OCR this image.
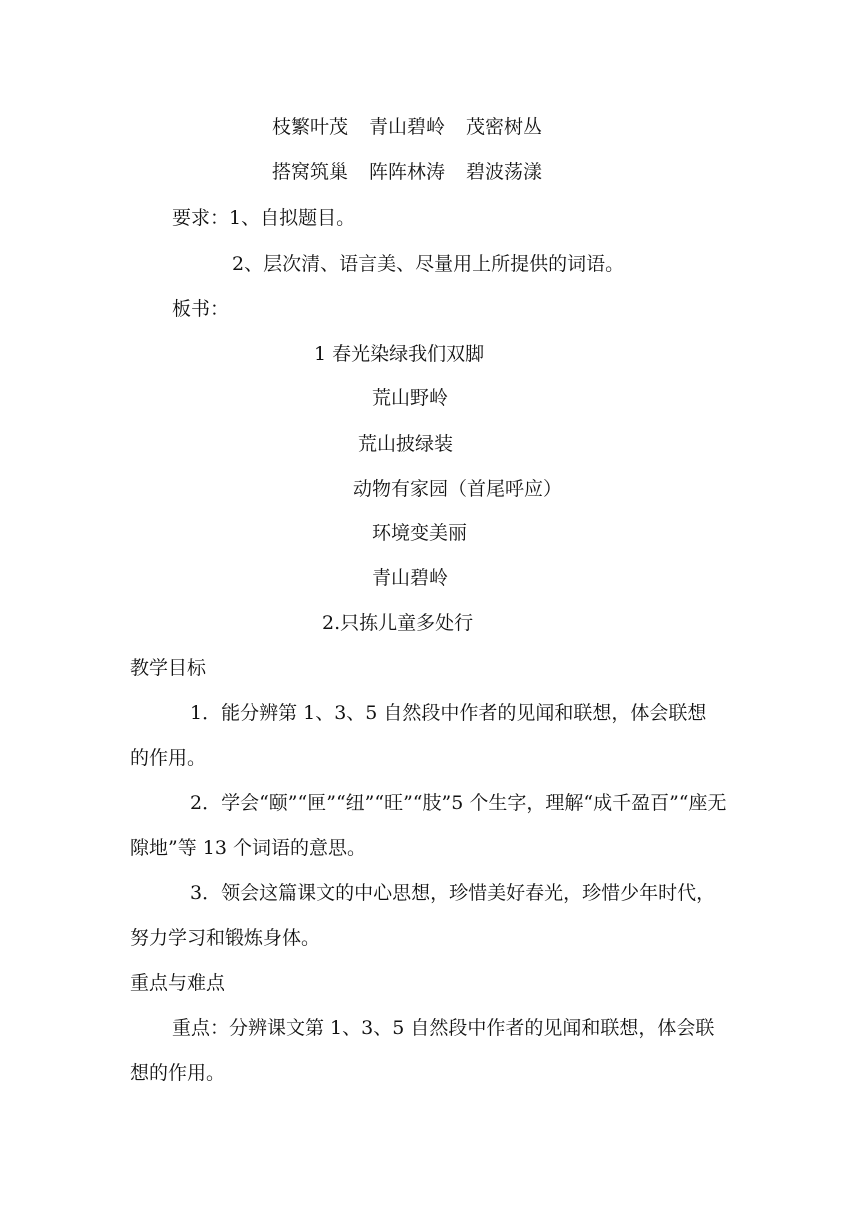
枝繁叶茂 青山碧岭 茂密树丛
搭窝筑巢 阵阵林涛 碧波荡漾
要求：1、自拟题目。
2、层次清、语言美、尽量用上所提供的词语。
板书：
1 春光染绿我们双脚
荒山野岭
荒山披绿装
动物有家园（首尾呼应）
环境变美丽
青山碧岭
2.只拣儿童多处行
教学目标
1．能分辨第 1、3、5 自然段中作者的见闻和联想，体会联想
的作用。
2．学会“颐”“匣”“纽”“旺”“肢”5 个生字，理解“成千盈百”“座无
隙地”等 13 个词语的意思。
3．领会这篇课文的中心思想，珍惜美好春光，珍惜少年时代，
努力学习和锻炼身体。
重点与难点
重点：分辨课文第 1、3、5 自然段中作者的见闻和联想，体会联
想的作用。
